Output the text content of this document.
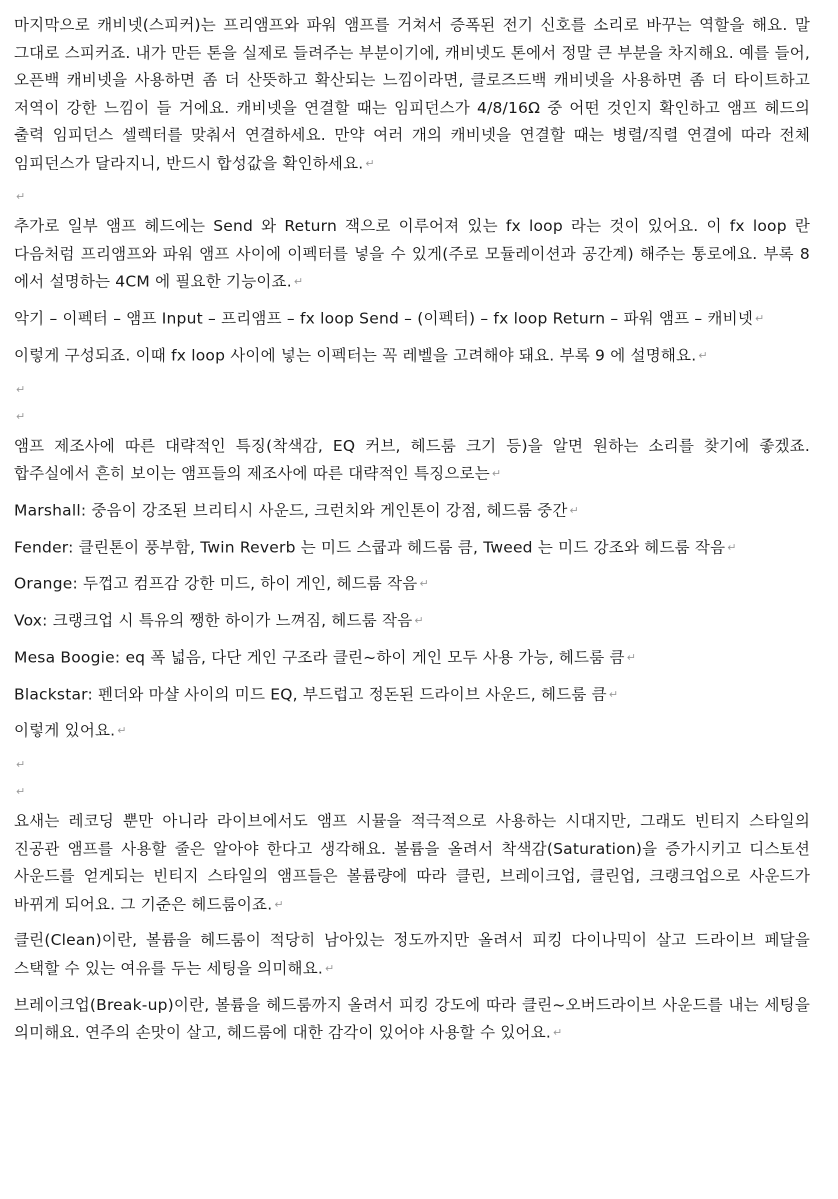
마지막으로 캐비넷(스피커)는 프리앰프와 파워 앰프를 거쳐서 증폭된 전기 신호를 소리로 바꾸는 역할을 해요. 말 그대로 스피커죠. 내가 만든 톤을 실제로 들려주는 부분이기에, 캐비넷도 톤에서 정말 큰 부분을 차지해요. 예를 들어, 오픈백 캐비넷을 사용하면 좀 더 산뜻하고 확산되는 느낌이라면, 클로즈드백 캐비넷을 사용하면 좀 더 타이트하고 저역이 강한 느낌이 들 거에요. 캐비넷을 연결할 때는 임피던스가 4/8/16Ω 중 어떤 것인지 확인하고 앰프 헤드의 출력 임피던스 셀렉터를 맞춰서 연결하세요. 만약 여러 개의 캐비넷을 연결할 때는 병렬/직렬 연결에 따라 전체 임피던스가 달라지니, 반드시 합성값을 확인하세요. ↵

↵

추가로 일부 앰프 헤드에는 Send 와 Return 잭으로 이루어져 있는 fx loop 라는 것이 있어요. 이 fx loop 란 다음처럼 프리앰프와 파워 앰프 사이에 이펙터를 넣을 수 있게(주로 모듈레이션과 공간계) 해주는 통로에요. 부록 8 에서 설명하는 4CM 에 필요한 기능이죠. ↵

악기 – 이펙터 – 앰프 Input – 프리앰프 – fx loop Send – (이펙터) – fx loop Return – 파워 앰프 – 캐비넷 ↵

이렇게 구성되죠. 이때 fx loop 사이에 넣는 이펙터는 꼭 레벨을 고려해야 돼요. 부록 9 에 설명해요. ↵

↵
↵

앰프 제조사에 따른 대략적인 특징(착색감, EQ 커브, 헤드룸 크기 등)을 알면 원하는 소리를 찾기에 좋겠죠. 합주실에서 흔히 보이는 앰프들의 제조사에 따른 대략적인 특징으로는 ↵

Marshall: 중음이 강조된 브리티시 사운드, 크런치와 게인톤이 강점, 헤드룸 중간 ↵

Fender: 클린톤이 풍부함, Twin Reverb 는 미드 스쿱과 헤드룸 큼, Tweed 는 미드 강조와 헤드룸 작음 ↵

Orange: 두껍고 컴프감 강한 미드, 하이 게인, 헤드룸 작음 ↵

Vox: 크랭크업 시 특유의 쨍한 하이가 느껴짐, 헤드룸 작음 ↵

Mesa Boogie: eq 폭 넓음, 다단 게인 구조라 클린~하이 게인 모두 사용 가능, 헤드룸 큼 ↵

Blackstar: 펜더와 마샬 사이의 미드 EQ, 부드럽고 정돈된 드라이브 사운드, 헤드룸 큼 ↵

이렇게 있어요. ↵

↵
↵

요새는 레코딩 뿐만 아니라 라이브에서도 앰프 시뮬을 적극적으로 사용하는 시대지만, 그래도 빈티지 스타일의 진공관 앰프를 사용할 줄은 알아야 한다고 생각해요. 볼륨을 올려서 착색감(Saturation)을 증가시키고 디스토션 사운드를 얻게되는 빈티지 스타일의 앰프들은 볼륨량에 따라 클린, 브레이크업, 클린업, 크랭크업으로 사운드가 바뀌게 되어요. 그 기준은 헤드룸이죠. ↵

클린(Clean)이란, 볼륨을 헤드룸이 적당히 남아있는 정도까지만 올려서 피킹 다이나믹이 살고 드라이브 페달을 스택할 수 있는 여유를 두는 세팅을 의미해요. ↵

브레이크업(Break-up)이란, 볼륨을 헤드룸까지 올려서 피킹 강도에 따라 클린~오버드라이브 사운드를 내는 세팅을 의미해요. 연주의 손맛이 살고, 헤드룸에 대한 감각이 있어야 사용할 수 있어요. ↵
